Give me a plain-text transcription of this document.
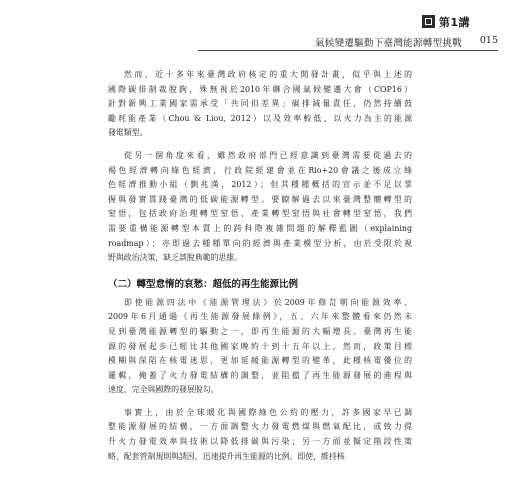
第1講
氣候變遷驅動下臺灣能源轉型挑戰 015

然而，近十多年來臺灣政府核定的重大開發計畫，似乎與上述的
國際碳排制裁脫鉤，殊無視於2010年聯合國氣候變遷大會（COP16）
針對新興工業國家需承受「共同但差異」碳排減量責任，仍然持續鼓
勵耗能產業（Chou & Liou, 2012）以及效率較低、以火力為主的能源
發電類型。

從另一個角度來看，雖然政府部門已經意識到臺灣需要從過去的
褐色經濟轉向綠色經濟，行政院經建會並在Rio+20會議之後成立綠
色經濟推動小組（劉兆漢，2012）；但其種種概括的宣示並不足以掌
握與發實貫踐臺灣的低碳能源轉型。要瞭解過去以來臺灣整體轉型的
窒悟，包括政府治理轉型窒悟、產業轉型窒悟與社會轉型窒悟，我們
需要重構能源轉型本質上的跨科際複雜問題的解釋藍圖（explaining
roadmap）；亦即過去種種單向的經濟與產業模型分析，由於受限於視
野與政治決策，缺乏談脫典範的思維。

（二）轉型怠惰的哀愁：超低的再生能源比例

即使能源四法中《能源管理法》於2009年修訂朝向能源效率、
2009年6月通過《再生能源發展條例》，五、六年來整體看來仍然未
見到臺灣能源轉型的驅動之一，即再生能源的大幅增長。臺灣再生能
源的發展起步已經比其他國家晚約十到十五年以上，然而，政策目標
模糊與深陷在核電迷思，更加延緩能源轉型的變革，此種核電優位的
邏輯，掩蓋了火力發電結構的調整，並阻擋了再生能源發展的進程與
速度，完全與國際的發展脫勾。

事實上，由於全球暖化與國際綠色公約的壓力，許多國家早已調
整能源發展的結構，一方面調整火力發電燃煤與燃氣配比，或致力提
升火力發電效率與技術以降低排碳與污染；另一方面並擬定階段性策
略、配套管制規則與誘因，迅速提升再生能源的比例。即使，維持核
